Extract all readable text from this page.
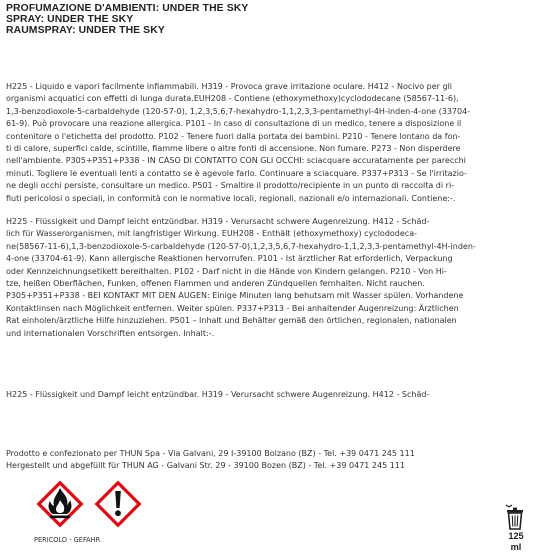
PROFUMAZIONE D'AMBIENTI: UNDER THE SKY
SPRAY: UNDER THE SKY
RAUMSPRAY: UNDER THE SKY

H225 - Liquido e vapori facilmente infiammabili. H319 - Provoca grave irritazione oculare. H412 - Nocivo per gli

organismi acquatici con effetti di lunga durata.EUH208 - Contiene (ethoxymethoxy)cyclododecane (58567-11-6),

1,3-benzodioxole-5-carbaldehyde (120-57-0), 1,2,3,5,6,7-hexahydro-1,1,2,3,3-pentamethyl-4H-inden-4-one (33704-

61-9). Può provocare una reazione allergica. P101 - In caso di consultazione di un medico, tenere a disposizione il

contenitore o l'etichetta del prodotto. P102 - Tenere fuori dalla portata dei bambini. P210 - Tenere lontano da fon-

ti di calore, superfici calde, scintille, fiamme libere o altre fonti di accensione. Non fumare. P273 - Non disperdere

nell'ambiente. P305+P351+P338 - IN CASO DI CONTATTO CON GLI OCCHI: sciacquare accuratamente per parecchi

minuti. Togliere le eventuali lenti a contatto se è agevole farlo. Continuare a sciacquare. P337+P313 - Se l'irritazio-

ne degli occhi persiste, consultare un medico. P501 - Smaltire il prodotto/recipiente in un punto di raccolta di ri-

fiuti pericolosi o speciali, in conformità con le normative locali, regionali, nazionali e/o internazionali. Contiene:-.

H225 - Flüssigkeit und Dampf leicht entzündbar. H319 - Verursacht schwere Augenreizung. H412 - Schäd-

lich für Wasserorganismen, mit langfristiger Wirkung. EUH208 - Enthält (ethoxymethoxy) cyclododeca-

ne(58567-11-6),1,3-benzodioxole-5-carbaldehyde (120-57-0),1,2,3,5,6,7-hexahydro-1,1,2,3,3-pentamethyl-4H-inden-

4-one (33704-61-9). Kann allergische Reaktionen hervorrufen. P101 - Ist ärztlicher Rat erforderlich, Verpackung

oder Kennzeichnungsetikett bereithalten. P102 - Darf nicht in die Hände von Kindern gelangen. P210 - Von Hi-

tze, heißen Oberflächen, Funken, offenen Flammen und anderen Zündquellen fernhalten. Nicht rauchen.

P305+P351+P338 - BEI KONTAKT MIT DEN AUGEN: Einige Minuten lang behutsam mit Wasser spülen. Vorhandene

Kontaktlinsen nach Möglichkeit entfernen. Weiter spülen. P337+P313 - Bei anhaltender Augenreizung: Ärztlichen

Rat einholen/ärztliche Hilfe hinzuziehen. P501 – Inhalt und Behälter gemäß den örtlichen, regionalen, nationalen

und internationalen Vorschriften entsorgen. Inhalt:-.

H225 - Flüssigkeit und Dampf leicht entzündbar. H319 - Verursacht schwere Augenreizung. H412 - Schäd-

Prodotto e confezionato per THUN Spa - Via Galvani, 29 I-39100 Bolzano (BZ) - Tel. +39 0471 245 111

Hergestellt und abgefüllt für THUN AG - Galvani Str. 29 - 39100 Bozen (BZ) - Tel. +39 0471 245 111

PERICOLO - GEFAHR	125
ml
